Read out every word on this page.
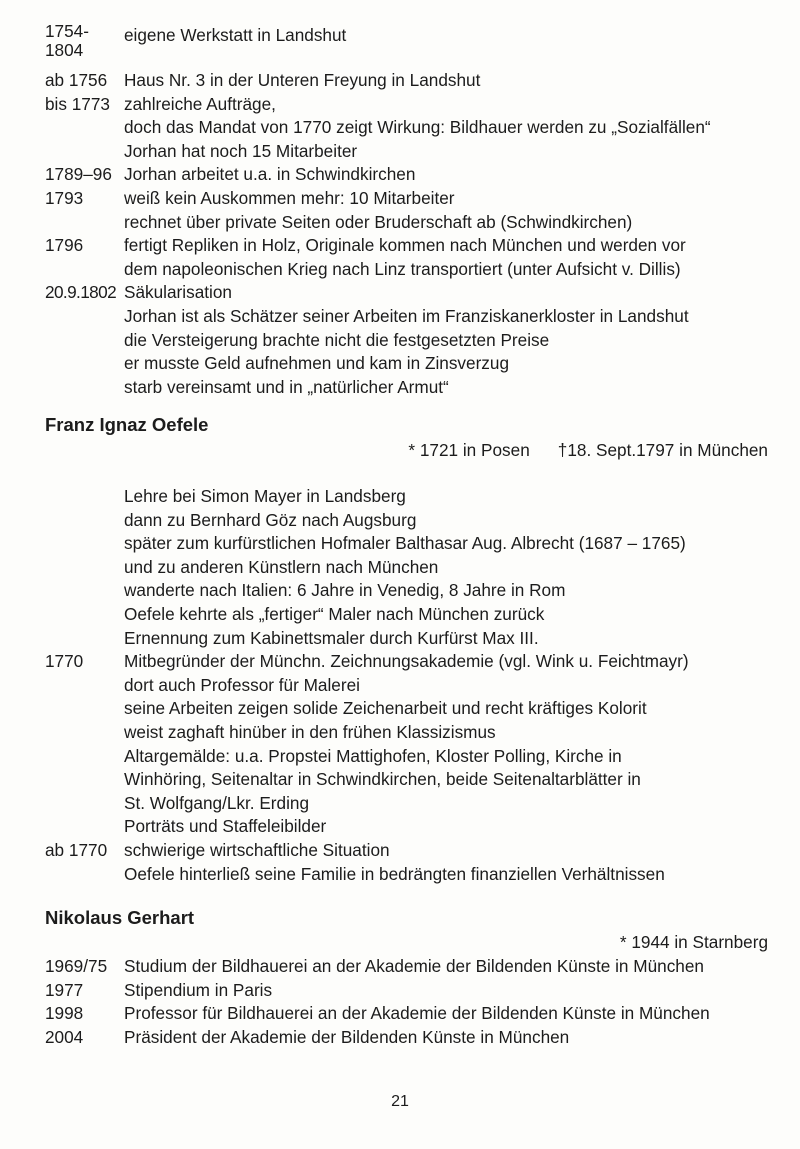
1754-
1804
eigene Werkstatt in Landshut
ab 1756 Haus Nr. 3 in der Unteren Freyung in Landshut
bis 1773 zahlreiche Aufträge,
doch das Mandat von 1770 zeigt Wirkung: Bildhauer werden zu „Sozialfällen“
Jorhan hat noch 15 Mitarbeiter
1789–96 Jorhan arbeitet u.a. in Schwindkirchen
1793	weiß kein Auskommen mehr: 10 Mitarbeiter
rechnet über private Seiten oder Bruderschaft ab (Schwindkirchen)
1796	fertigt Repliken in Holz, Originale kommen nach München und werden vor
dem napoleonischen Krieg nach Linz transportiert (unter Aufsicht v. Dillis)
20.9.1802 Säkularisation
Jorhan ist als Schätzer seiner Arbeiten im Franziskanerkloster in Landshut
die Versteigerung brachte nicht die festgesetzten Preise
er musste Geld aufnehmen und kam in Zinsverzug
starb vereinsamt und in „natürlicher Armut“
Franz Ignaz Oefele
* 1721 in Posen †18. Sept.1797 in München
Lehre bei Simon Mayer in Landsberg
dann zu Bernhard Göz nach Augsburg
später zum kurfürstlichen Hofmaler Balthasar Aug. Albrecht (1687 – 1765)
und zu anderen Künstlern nach München
wanderte nach Italien: 6 Jahre in Venedig, 8 Jahre in Rom
Oefele kehrte als „fertiger“ Maler nach München zurück
Ernennung zum Kabinettsmaler durch Kurfürst Max III.
1770	Mitbegründer der Münchn. Zeichnungsakademie (vgl. Wink u. Feichtmayr)
dort auch Professor für Malerei
seine Arbeiten zeigen solide Zeichenarbeit und recht kräftiges Kolorit
weist zaghaft hinüber in den frühen Klassizismus
Altargemälde: u.a. Propstei Mattighofen, Kloster Polling, Kirche in
Winhöring, Seitenaltar in Schwindkirchen, beide Seitenaltarblätter in
St. Wolfgang/Lkr. Erding
Porträts und Staffeleibilder
ab 1770 schwierige wirtschaftliche Situation
Oefele hinterließ seine Familie in bedrängten finanziellen Verhältnissen
Nikolaus Gerhart
* 1944 in Starnberg
1969/75 Studium der Bildhauerei an der Akademie der Bildenden Künste in München
1977	Stipendium in Paris
1998	Professor für Bildhauerei an der Akademie der Bildenden Künste in München
2004	Präsident der Akademie der Bildenden Künste in München
21
